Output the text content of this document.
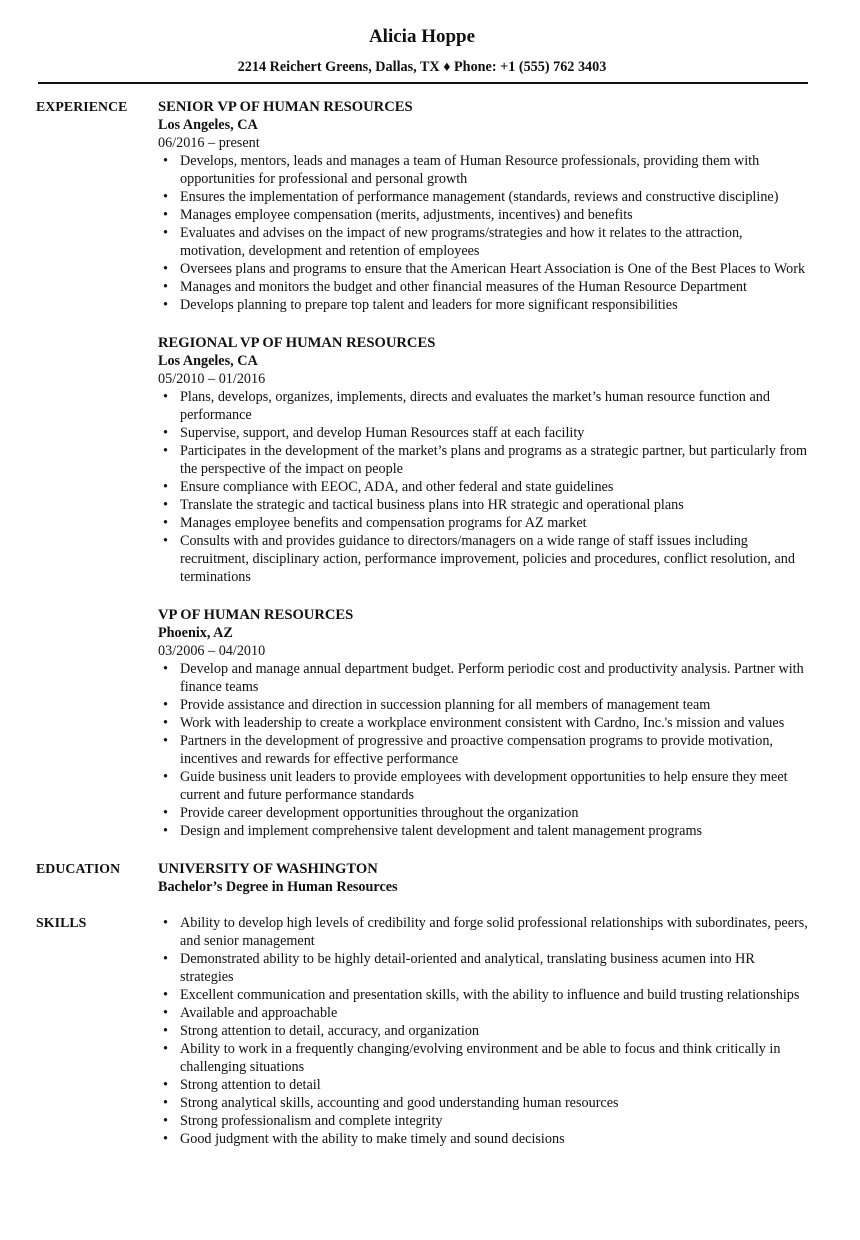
Alicia Hoppe
2214 Reichert Greens, Dallas, TX ♦ Phone: +1 (555) 762 3403
EXPERIENCE	SENIOR VP OF HUMAN RESOURCES
Los Angeles, CA
06/2016 – present
• Develops, mentors, leads and manages a team of Human Resource professionals, providing them with opportunities for professional and personal growth
• Ensures the implementation of performance management (standards, reviews and constructive discipline)
• Manages employee compensation (merits, adjustments, incentives) and benefits
• Evaluates and advises on the impact of new programs/strategies and how it relates to the attraction, motivation, development and retention of employees
• Oversees plans and programs to ensure that the American Heart Association is One of the Best Places to Work
• Manages and monitors the budget and other financial measures of the Human Resource Department
• Develops planning to prepare top talent and leaders for more significant responsibilities
REGIONAL VP OF HUMAN RESOURCES
Los Angeles, CA
05/2010 – 01/2016
• Plans, develops, organizes, implements, directs and evaluates the market’s human resource function and performance
• Supervise, support, and develop Human Resources staff at each facility
• Participates in the development of the market’s plans and programs as a strategic partner, but particularly from the perspective of the impact on people
• Ensure compliance with EEOC, ADA, and other federal and state guidelines
• Translate the strategic and tactical business plans into HR strategic and operational plans
• Manages employee benefits and compensation programs for AZ market
• Consults with and provides guidance to directors/managers on a wide range of staff issues including recruitment, disciplinary action, performance improvement, policies and procedures, conflict resolution, and terminations
VP OF HUMAN RESOURCES
Phoenix, AZ
03/2006 – 04/2010
• Develop and manage annual department budget. Perform periodic cost and productivity analysis. Partner with finance teams
• Provide assistance and direction in succession planning for all members of management team
• Work with leadership to create a workplace environment consistent with Cardno, Inc.'s mission and values
• Partners in the development of progressive and proactive compensation programs to provide motivation, incentives and rewards for effective performance
• Guide business unit leaders to provide employees with development opportunities to help ensure they meet current and future performance standards
• Provide career development opportunities throughout the organization
• Design and implement comprehensive talent development and talent management programs
EDUCATION	UNIVERSITY OF WASHINGTON
Bachelor’s Degree in Human Resources
SKILLS	• Ability to develop high levels of credibility and forge solid professional relationships with subordinates, peers, and senior management
• Demonstrated ability to be highly detail-oriented and analytical, translating business acumen into HR strategies
• Excellent communication and presentation skills, with the ability to influence and build trusting relationships
• Available and approachable
• Strong attention to detail, accuracy, and organization
• Ability to work in a frequently changing/evolving environment and be able to focus and think critically in challenging situations
• Strong attention to detail
• Strong analytical skills, accounting and good understanding human resources
• Strong professionalism and complete integrity
• Good judgment with the ability to make timely and sound decisions
